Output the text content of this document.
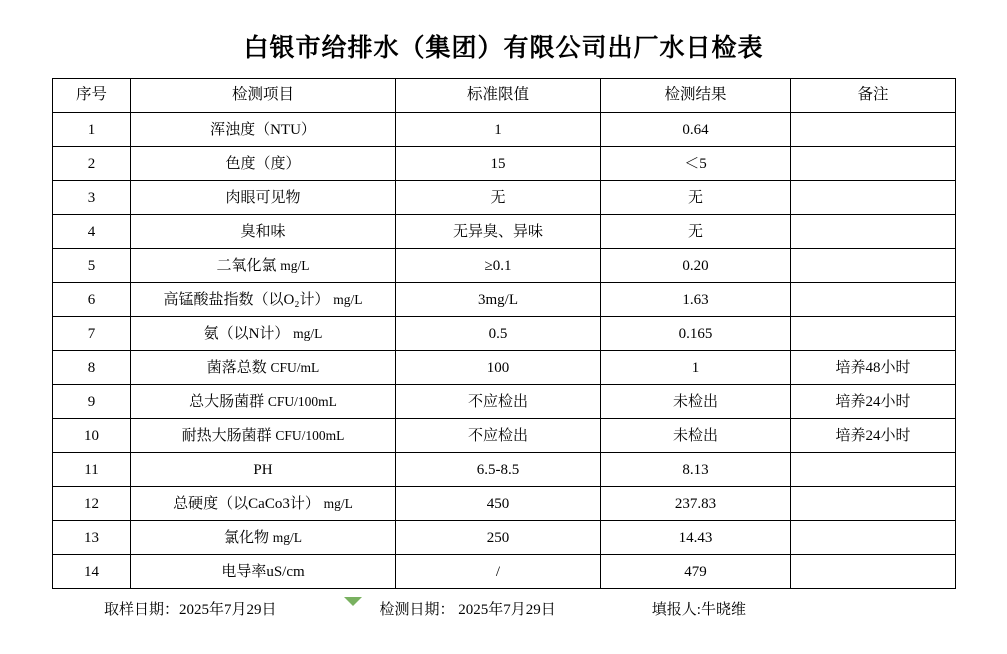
白银市给排水（集团）有限公司出厂水日检表
序号	检测项目	标准限值	检测结果	备注
1	浑浊度（NTU）	1	0.64	
2	色度（度）	15	＜5	
3	肉眼可见物	无	无	
4	臭和味	无异臭、异味	无	
5	二氧化氯 mg/L	≥0.1	0.20	
6	高锰酸盐指数（以O₂计） mg/L	3mg/L	1.63	
7	氨（以N计） mg/L	0.5	0.165	
8	菌落总数 CFU/mL	100	1	培养48小时
9	总大肠菌群 CFU/100mL	不应检出	未检出	培养24小时
10	耐热大肠菌群 CFU/100mL	不应检出	未检出	培养24小时
11	PH	6.5-8.5	8.13	
12	总硬度（以CaCo3计） mg/L	450	237.83	
13	氯化物 mg/L	250	14.43	
14	电导率uS/cm	/	479	
取样日期：2025年7月29日	检测日期： 2025年7月29日	填报人:牛晓维
